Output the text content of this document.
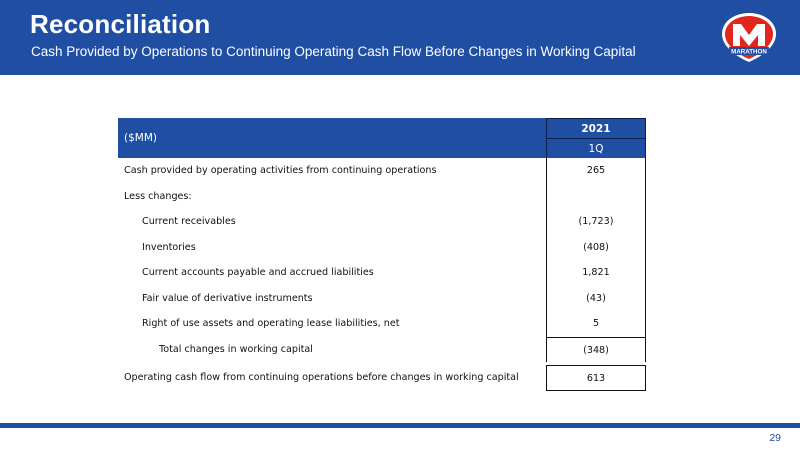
Reconciliation
Cash Provided by Operations to Continuing Operating Cash Flow Before Changes in Working Capital	MARATHON
($MM)
2021
1Q
Cash provided by operating activities from continuing operations	265
Less changes:
Current receivables	(1,723)
Inventories	(408)
Current accounts payable and accrued liabilities	1,821
Fair value of derivative instruments	(43)
Right of use assets and operating lease liabilities, net	5
Total changes in working capital	(348)
Operating cash flow from continuing operations before changes in working capital	613
29
